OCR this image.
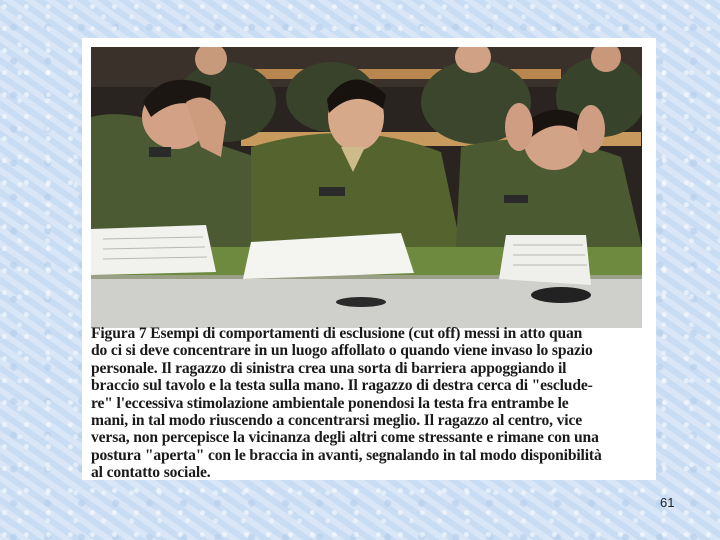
Figura 7 Esempi di comportamenti di esclusione (cut off) messi in atto quan
do ci si deve concentrare in un luogo affollato o quando viene invaso lo spazio
personale. Il ragazzo di sinistra crea una sorta di barriera appoggiando il
braccio sul tavolo e la testa sulla mano. Il ragazzo di destra cerca di "esclude-
re" l'eccessiva stimolazione ambientale ponendosi la testa fra entrambe le
mani, in tal modo riuscendo a concentrarsi meglio. Il ragazzo al centro, vice
versa, non percepisce la vicinanza degli altri come stressante e rimane con una
postura "aperta" con le braccia in avanti, segnalando in tal modo disponibilità
al contatto sociale.
61
